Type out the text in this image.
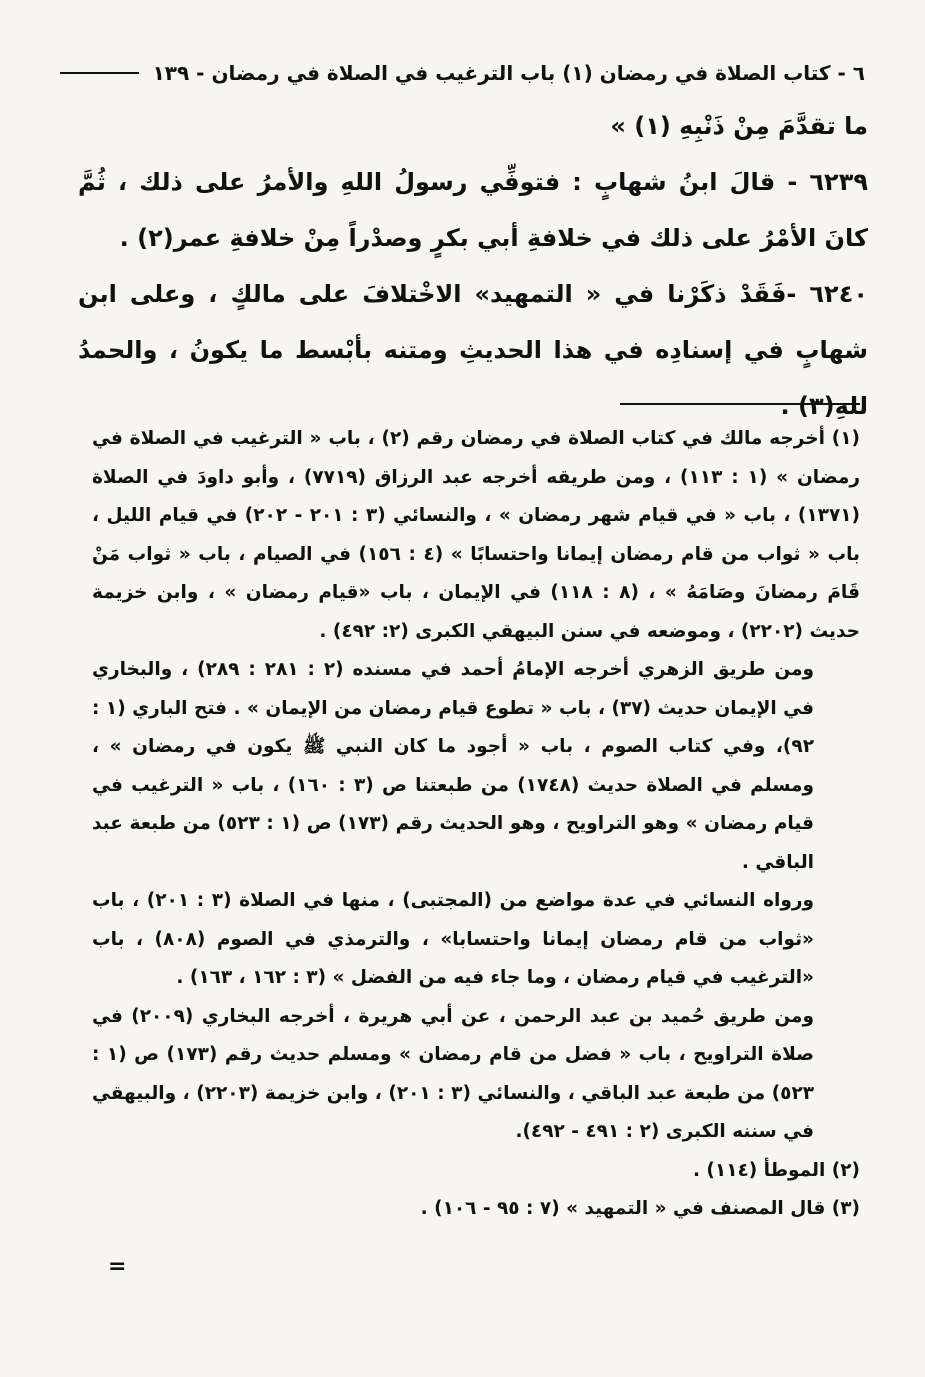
٦ - كتاب الصلاة في رمضان (١) باب الترغيب في الصلاة في رمضان - ١٣٩

ما تقدَّمَ مِنْ ذَنْبِهِ (١) »

٦٢٣٩ - قالَ ابنُ شهابٍ : فتوفِّي رسولُ اللهِ والأمرُ على ذلك ، ثُمَّ كانَ الأمْرُ على ذلك في خلافةِ أبي بكرٍ وصدْراً مِنْ خلافةِ عمر(٢) .

٦٢٤٠ -فَقَدْ ذكَرْنا في « التمهيد» الاخْتلافَ على مالكٍ ، وعلى ابن شهابٍ في إسنادِه في هذا الحديثِ ومتنه بأبْسط ما يكونُ ، والحمدُ للهِ(٣) .

(١) أخرجه مالك في كتاب الصلاة في رمضان رقم (٢) ، باب « الترغيب في الصلاة في رمضان » (١ : ١١٣) ، ومن طريقه أخرجه عبد الرزاق (٧٧١٩) ، وأبو داودَ في الصلاة (١٣٧١) ، باب « في قيام شهر رمضان » ، والنسائي (٣ : ٢٠١ - ٢٠٢) في قيام الليل ، باب « ثواب من قام رمضان إيمانا واحتسابًا » (٤ : ١٥٦) في الصيام ، باب « ثواب مَنْ قَامَ رمضانَ وصَامَهُ » ، (٨ : ١١٨) في الإيمان ، باب «قيام رمضان » ، وابن خزيمة حديث (٢٢٠٢) ، وموضعه في سنن البيهقي الكبرى (٢: ٤٩٢) .

ومن طريق الزهري أخرجه الإمامُ أحمد في مسنده (٢ : ٢٨١ : ٢٨٩) ، والبخاري في الإيمان حديث (٣٧) ، باب « تطوع قيام رمضان من الإيمان » . فتح الباري (١ : ٩٢)، وفي كتاب الصوم ، باب « أجود ما كان النبي ﷺ يكون في رمضان » ، ومسلم في الصلاة حديث (١٧٤٨) من طبعتنا ص (٣ : ١٦٠) ، باب « الترغيب في قيام رمضان » وهو التراويح ، وهو الحديث رقم (١٧٣) ص (١ : ٥٢٣) من طبعة عبد الباقي .

ورواه النسائي في عدة مواضع من (المجتبى) ، منها في الصلاة (٣ : ٢٠١) ، باب «ثواب من قام رمضان إيمانا واحتسابا» ، والترمذي في الصوم (٨٠٨) ، باب «الترغيب في قيام رمضان ، وما جاء فيه من الفضل » (٣ : ١٦٢ ، ١٦٣) .

ومن طريق حُميد بن عبد الرحمن ، عن أبي هريرة ، أخرجه البخاري (٢٠٠٩) في صلاة التراويح ، باب « فضل من قام رمضان » ومسلم حديث رقم (١٧٣) ص (١ : ٥٢٣) من طبعة عبد الباقي ، والنسائي (٣ : ٢٠١) ، وابن خزيمة (٢٢٠٣) ، والبيهقي في سننه الكبرى (٢ : ٤٩١ - ٤٩٢).

(٢) الموطأ (١١٤) .

(٣) قال المصنف في « التمهيد » (٧ : ٩٥ - ١٠٦) .

=
